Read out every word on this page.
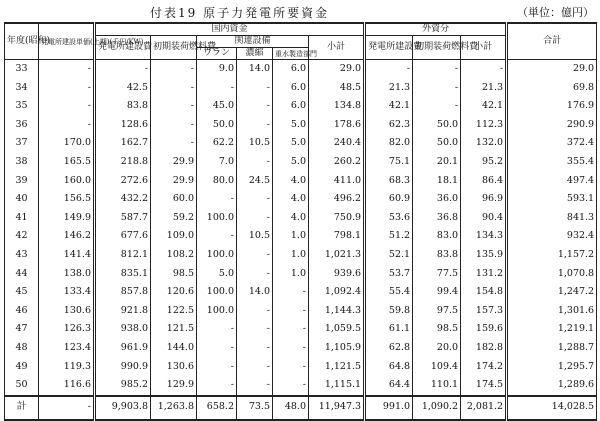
付表19 原子力発電所要資金	（単位：億円）
年度(昭和)	発電所建設単価(上期)(千円/KW)	国内資金						外資分			合計
		発電所建設費	初期装荷燃料費	関連設備			小計	発電所建設費	初期装荷燃料費	小計	
				ウラン	濃縮	重水製造部門					
33	-	-	-	9.0	14.0	6.0	29.0	-	-	-	29.0
34	-	42.5	-	-	-	6.0	48.5	21.3	-	21.3	69.8
35	-	83.8	-	45.0	-	6.0	134.8	42.1	-	42.1	176.9
36	-	128.6	-	50.0	-	5.0	178.6	62.3	50.0	112.3	290.9
37	170.0	162.7	-	62.2	10.5	5.0	240.4	82.0	50.0	132.0	372.4
38	165.5	218.8	29.9	7.0	-	5.0	260.2	75.1	20.1	95.2	355.4
39	160.0	272.6	29.9	80.0	24.5	4.0	411.0	68.3	18.1	86.4	497.4
40	156.5	432.2	60.0	-	-	4.0	496.2	60.9	36.0	96.9	593.1
41	149.9	587.7	59.2	100.0	-	4.0	750.9	53.6	36.8	90.4	841.3
42	146.2	677.6	109.0	-	10.5	1.0	798.1	51.2	83.0	134.3	932.4
43	141.4	812.1	108.2	100.0	-	1.0	1,021.3	52.1	83.8	135.9	1,157.2
44	138.0	835.1	98.5	5.0	-	1.0	939.6	53.7	77.5	131.2	1,070.8
45	133.4	857.8	120.6	100.0	14.0	-	1,092.4	55.4	99.4	154.8	1,247.2
46	130.6	921.8	122.5	100.0	-	-	1,144.3	59.8	97.5	157.3	1,301.6
47	126.3	938.0	121.5	-	-	-	1,059.5	61.1	98.5	159.6	1,219.1
48	123.4	961.9	144.0	-	-	-	1,105.9	62.8	20.0	182.8	1,288.7
49	119.3	990.9	130.6	-	-	-	1,121.5	64.8	109.4	174.2	1,295.7
50	116.6	985.2	129.9	-	-	-	1,115.1	64.4	110.1	174.5	1,289.6
計	-	9,903.8	1,263.8	658.2	73.5	48.0	11,947.3	991.0	1,090.2	2,081.2	14,028.5
